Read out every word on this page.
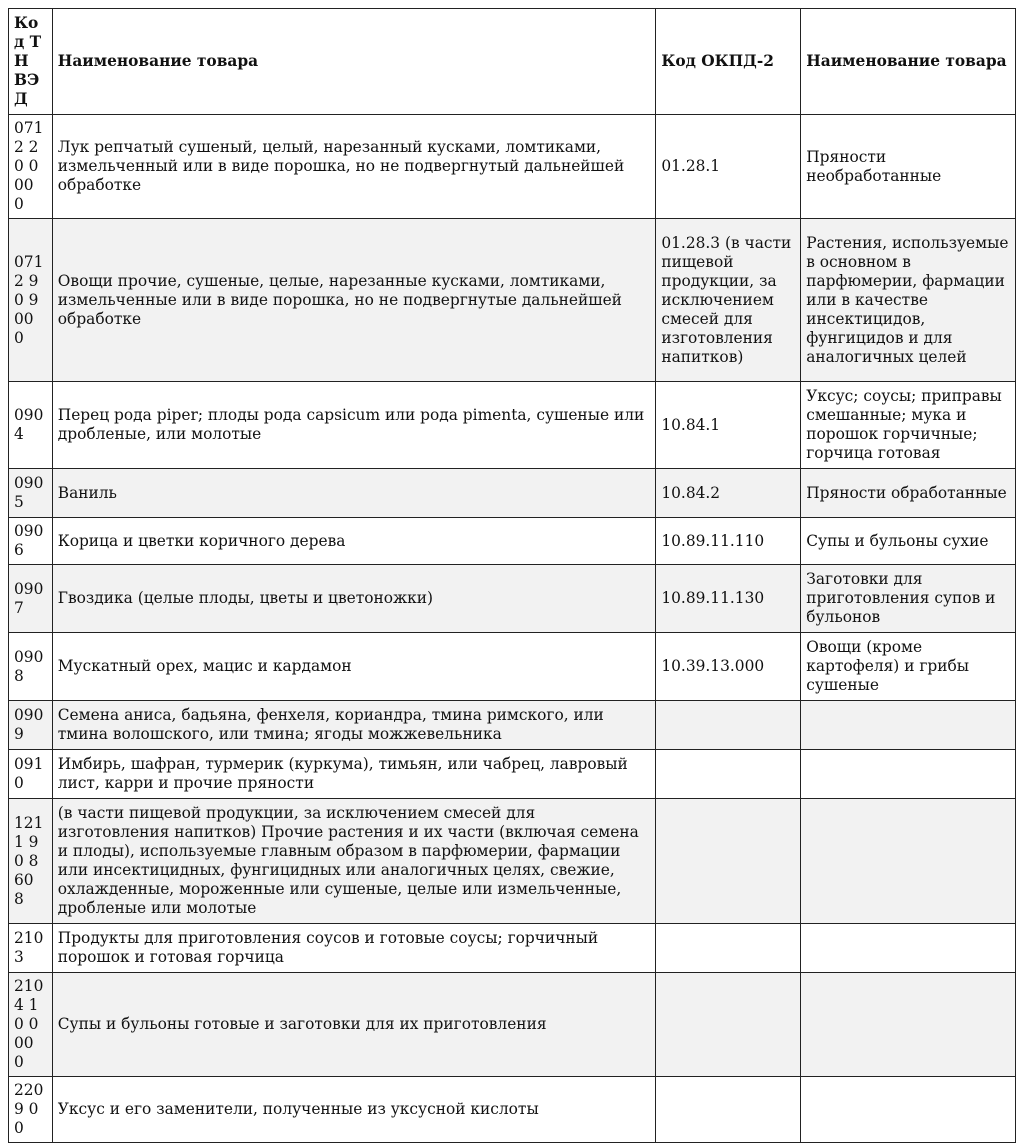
Код ТН ВЭД	Наименование товара	Код ОКПД-2	Наименование товара
0712 20 000 0	Лук репчатый сушеный, целый, нарезанный кусками, ломтиками, измельченный или в виде порошка, но не подвергнутый дальнейшей обработке	01.28.1	Пряности необработанные
0712 90 900 0	Овощи прочие, сушеные, целые, нарезанные кусками, ломтиками, измельченные или в виде порошка, но не подвергнутые дальнейшей обработке	01.28.3 (в части пищевой продукции, за исключением смесей для изготовления напитков)	Растения, используемые в основном в парфюмерии, фармации или в качестве инсектицидов, фунгицидов и для аналогичных целей
0904	Перец рода piper; плоды рода capsicum или рода pimenta, сушеные или дробленые, или молотые	10.84.1	Уксус; соусы; приправы смешанные; мука и порошок горчичные; горчица готовая
0905	Ваниль	10.84.2	Пряности обработанные
0906	Корица и цветки коричного дерева	10.89.11.110	Супы и бульоны сухие
0907	Гвоздика (целые плоды, цветы и цветоножки)	10.89.11.130	Заготовки для приготовления супов и бульонов
0908	Мускатный орех, мацис и кардамон	10.39.13.000	Овощи (кроме картофеля) и грибы сушеные
0909	Семена аниса, бадьяна, фенхеля, кориандра, тмина римского, или тмина волошского, или тмина; ягоды можжевельника		
0910	Имбирь, шафран, турмерик (куркума), тимьян, или чабрец, лавровый лист, карри и прочие пряности		
1211 90 860 8	(в части пищевой продукции, за исключением смесей для изготовления напитков) Прочие растения и их части (включая семена и плоды), используемые главным образом в парфюмерии, фармации или инсектицидных, фунгицидных или аналогичных целях, свежие, охлажденные, мороженные или сушеные, целые или измельченные, дробленые или молотые		
2103	Продукты для приготовления соусов и готовые соусы; горчичный порошок и готовая горчица		
2104 10 000 0	Супы и бульоны готовые и заготовки для их приготовления		
2209 00	Уксус и его заменители, полученные из уксусной кислоты		
